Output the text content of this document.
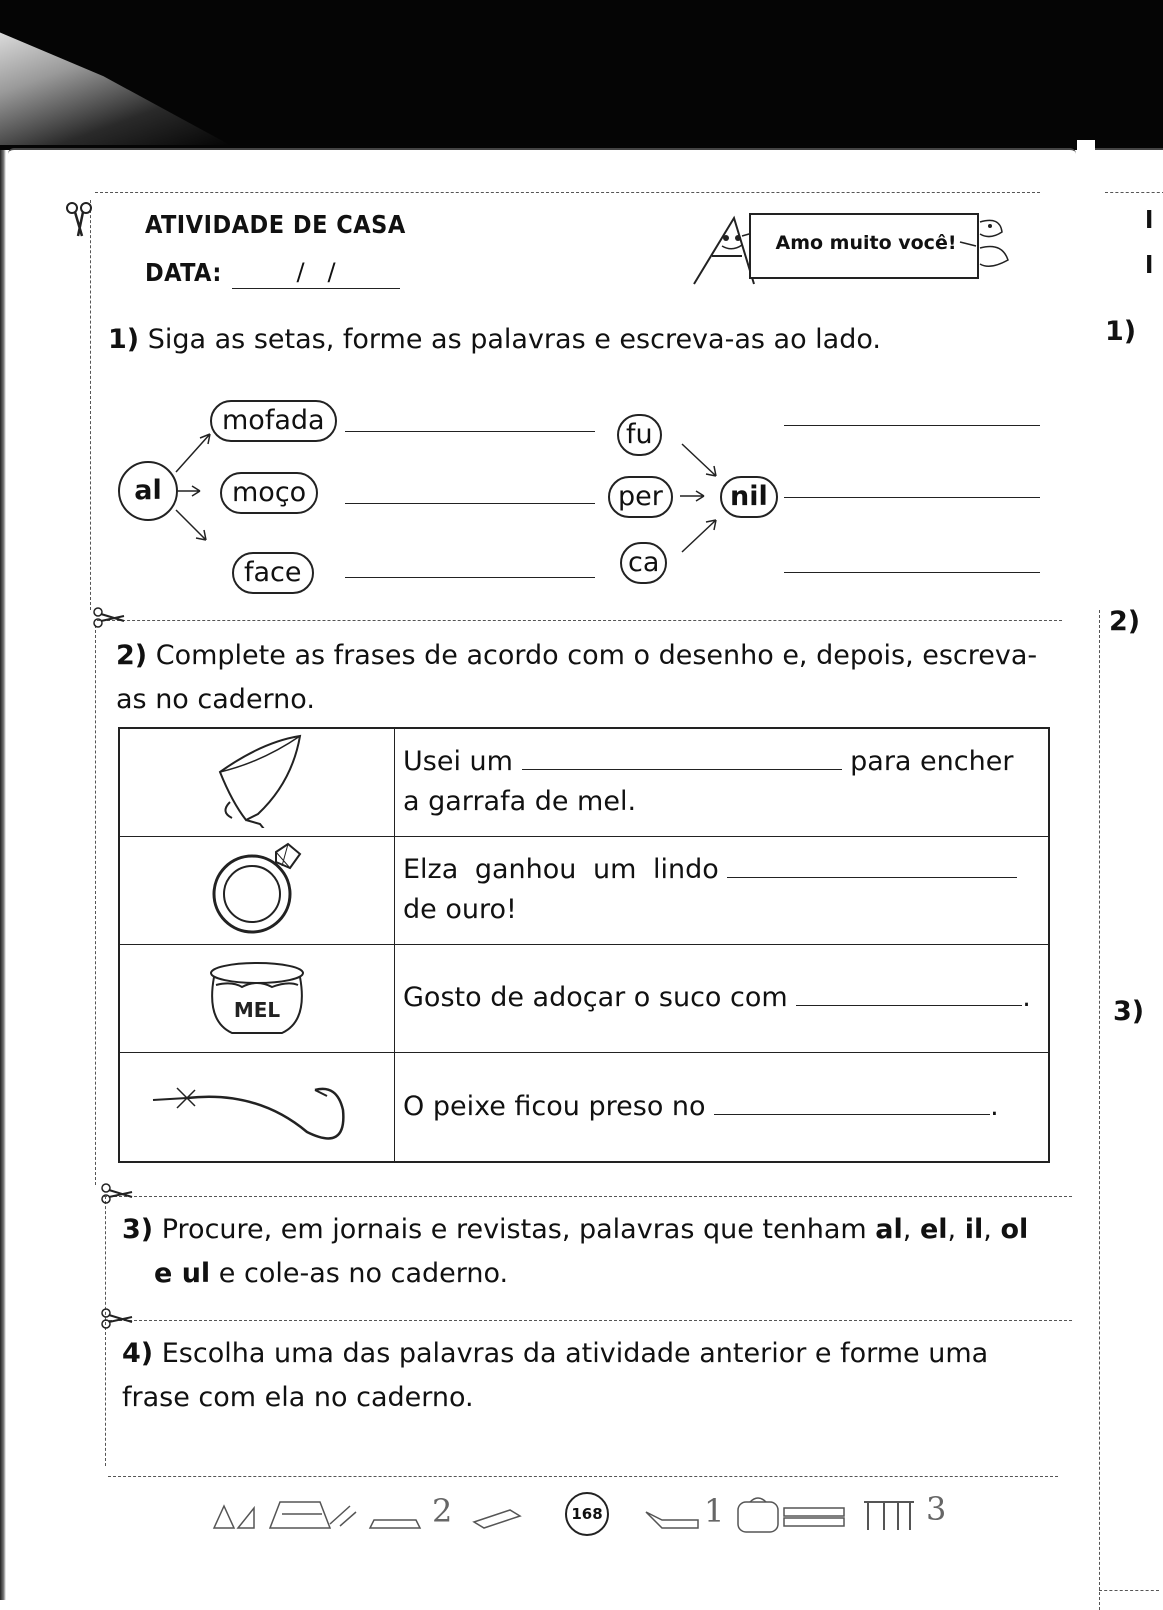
I
I
1)
2)
3)
ATIVIDADE DE CASA
DATA:	/   /
Amo muito você!
1) Siga as setas, forme as palavras e escreva-as ao lado.
al
mofada
moço
face
fu
per
ca
nil
2) Complete as frases de acordo com o desenho e, depois, escreva-as no caderno.
	Usei um para encher
a garrafa de mel.
	Elza ganhou um lindo
de ouro!

MEL	Gosto de adoçar o suco com .
	O peixe ficou preso no .
3) Procure, em jornais e revistas, palavras que tenham al, el, il, ol
e ul e cole-as no caderno.
4) Escolha uma das palavras da atividade anterior e forme uma frase com ela no caderno.
2	168	1	3
